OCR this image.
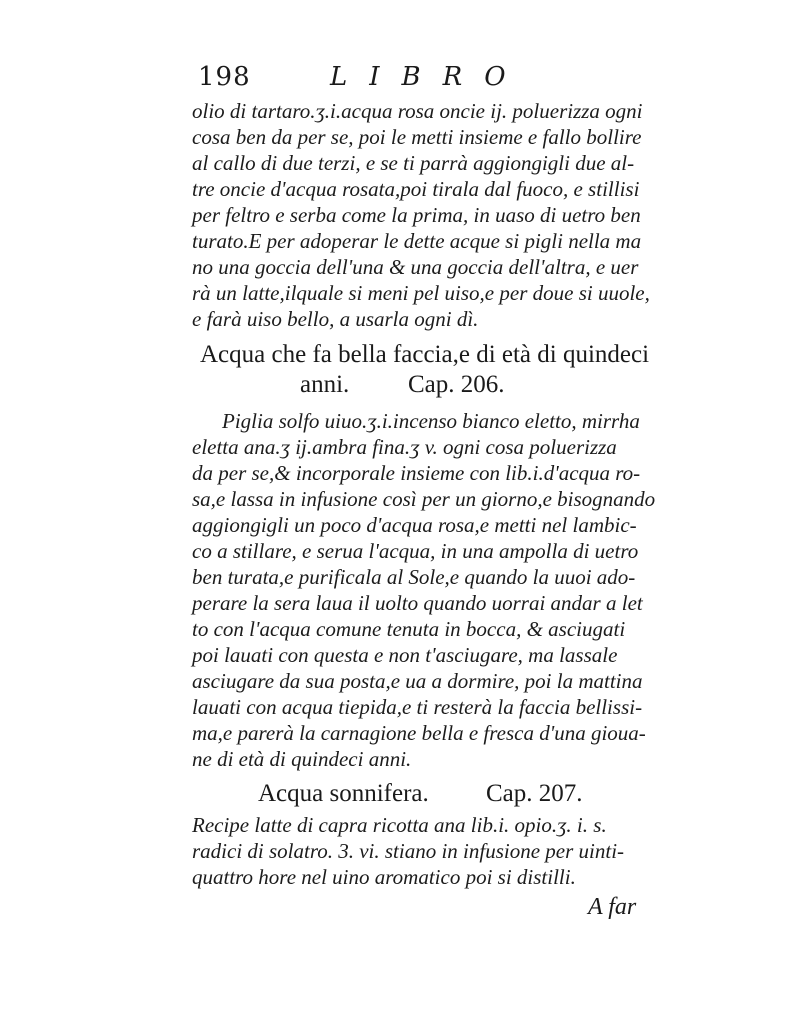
198	LIBRO

olio di tartaro.ʒ.i.acqua rosa oncie ij. poluerizza ogni
cosa ben da per se, poi le metti insieme e fallo bollire
al callo di due terzi, e se ti parrà aggiongigli due al-
tre oncie d'acqua rosata,poi tirala dal fuoco, e stillisi
per feltro e serba come la prima, in uaso di uetro ben
turato.E per adoperar le dette acque si pigli nella ma
no una goccia dell'una & una goccia dell'altra, e uer
rà un latte,ilquale si meni pel uiso,e per doue si uuole,
e farà uiso bello, a usarla ogni dì.

Acqua che fa bella faccia,e di età di quindeci
anni. Cap. 206.

Piglia solfo uiuo.ʒ.i.incenso bianco eletto, mirrha
eletta ana.ʒ ij.ambra fina.ʒ v. ogni cosa poluerizza
da per se,& incorporale insieme con lib.i.d'acqua ro-
sa,e lassa in infusione così per un giorno,e bisognando
aggiongigli un poco d'acqua rosa,e metti nel lambic-
co a stillare, e serua l'acqua, in una ampolla di uetro
ben turata,e purificala al Sole,e quando la uuoi ado-
perare la sera laua il uolto quando uorrai andar a let
to con l'acqua comune tenuta in bocca, & asciugati
poi lauati con questa e non t'asciugare, ma lassale
asciugare da sua posta,e ua a dormire, poi la mattina
lauati con acqua tiepida,e ti resterà la faccia bellissi-
ma,e parerà la carnagione bella e fresca d'una gioua-
ne di età di quindeci anni.

Acqua sonnifera. Cap. 207.

Recipe latte di capra ricotta ana lib.i. opio.ʒ. i. s.
radici di solatro. 3. vi. stiano in infusione per uinti-
quattro hore nel uino aromatico poi si distilli.

A far
